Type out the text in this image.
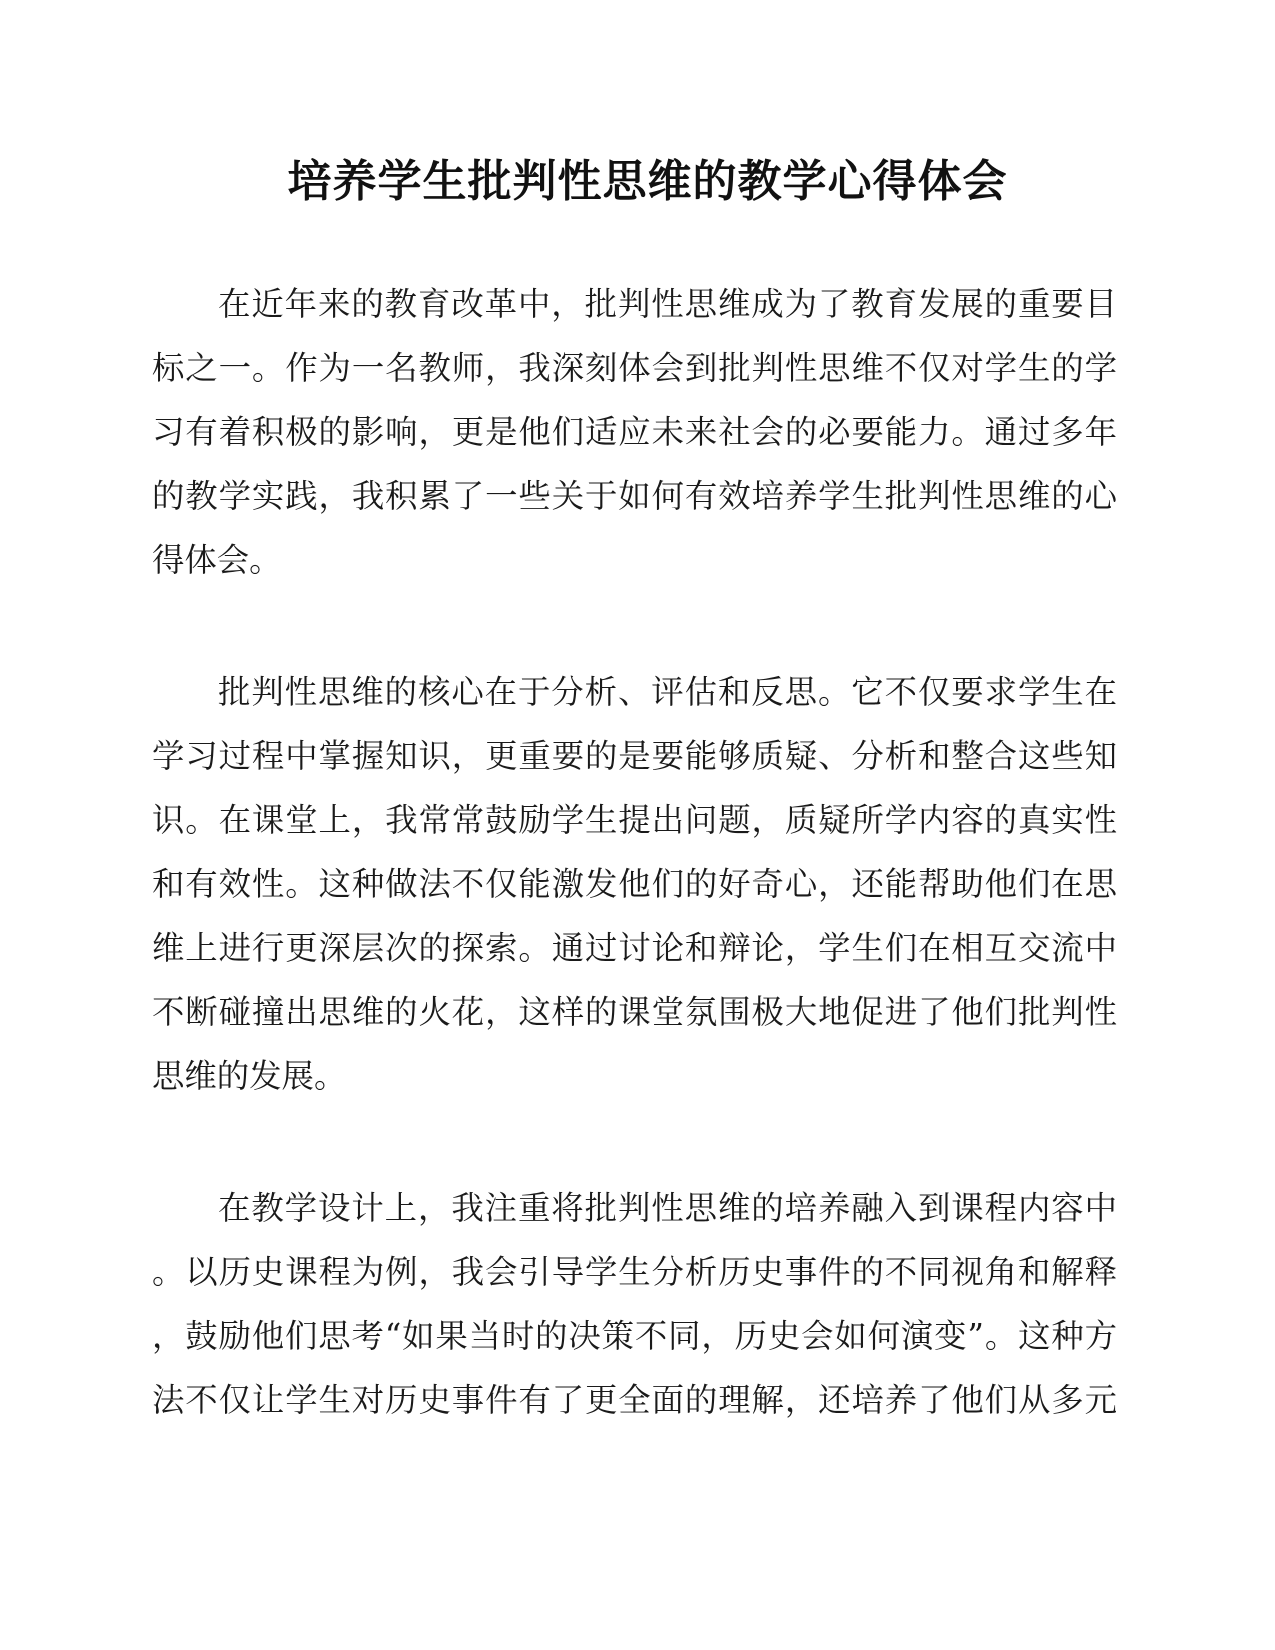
培养学生批判性思维的教学心得体会

在近年来的教育改革中，批判性思维成为了教育发展的重要目

标之一。作为一名教师，我深刻体会到批判性思维不仅对学生的学

习有着积极的影响，更是他们适应未来社会的必要能力。通过多年

的教学实践，我积累了一些关于如何有效培养学生批判性思维的心

得体会。

批判性思维的核心在于分析、评估和反思。它不仅要求学生在

学习过程中掌握知识，更重要的是要能够质疑、分析和整合这些知

识。在课堂上，我常常鼓励学生提出问题，质疑所学内容的真实性

和有效性。这种做法不仅能激发他们的好奇心，还能帮助他们在思

维上进行更深层次的探索。通过讨论和辩论，学生们在相互交流中

不断碰撞出思维的火花，这样的课堂氛围极大地促进了他们批判性

思维的发展。

在教学设计上，我注重将批判性思维的培养融入到课程内容中

。以历史课程为例，我会引导学生分析历史事件的不同视角和解释

，鼓励他们思考“如果当时的决策不同，历史会如何演变”。这种方

法不仅让学生对历史事件有了更全面的理解，还培养了他们从多元
